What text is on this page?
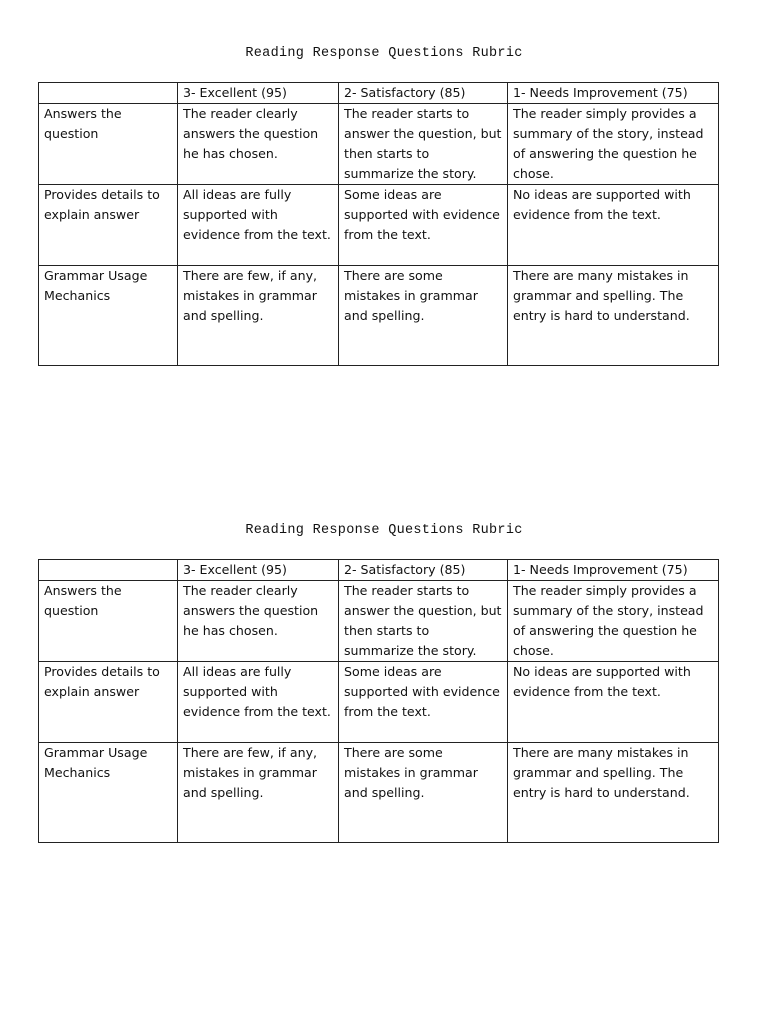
Reading Response Questions Rubric
	3- Excellent (95)	2- Satisfactory (85)	1- Needs Improvement (75)
Answers the question	The reader clearly answers the question he has chosen.	The reader starts to answer the question, but then starts to summarize the story.	The reader simply provides a summary of the story, instead of answering the question he chose.
Provides details to explain answer	All ideas are fully supported with evidence from the text.	Some ideas are supported with evidence from the text.	No ideas are supported with evidence from the text.
Grammar Usage Mechanics	There are few, if any, mistakes in grammar and spelling.	There are some mistakes in grammar and spelling.	There are many mistakes in grammar and spelling. The entry is hard to understand.
Reading Response Questions Rubric
	3- Excellent (95)	2- Satisfactory (85)	1- Needs Improvement (75)
Answers the question	The reader clearly answers the question he has chosen.	The reader starts to answer the question, but then starts to summarize the story.	The reader simply provides a summary of the story, instead of answering the question he chose.
Provides details to explain answer	All ideas are fully supported with evidence from the text.	Some ideas are supported with evidence from the text.	No ideas are supported with evidence from the text.
Grammar Usage Mechanics	There are few, if any, mistakes in grammar and spelling.	There are some mistakes in grammar and spelling.	There are many mistakes in grammar and spelling. The entry is hard to understand.
